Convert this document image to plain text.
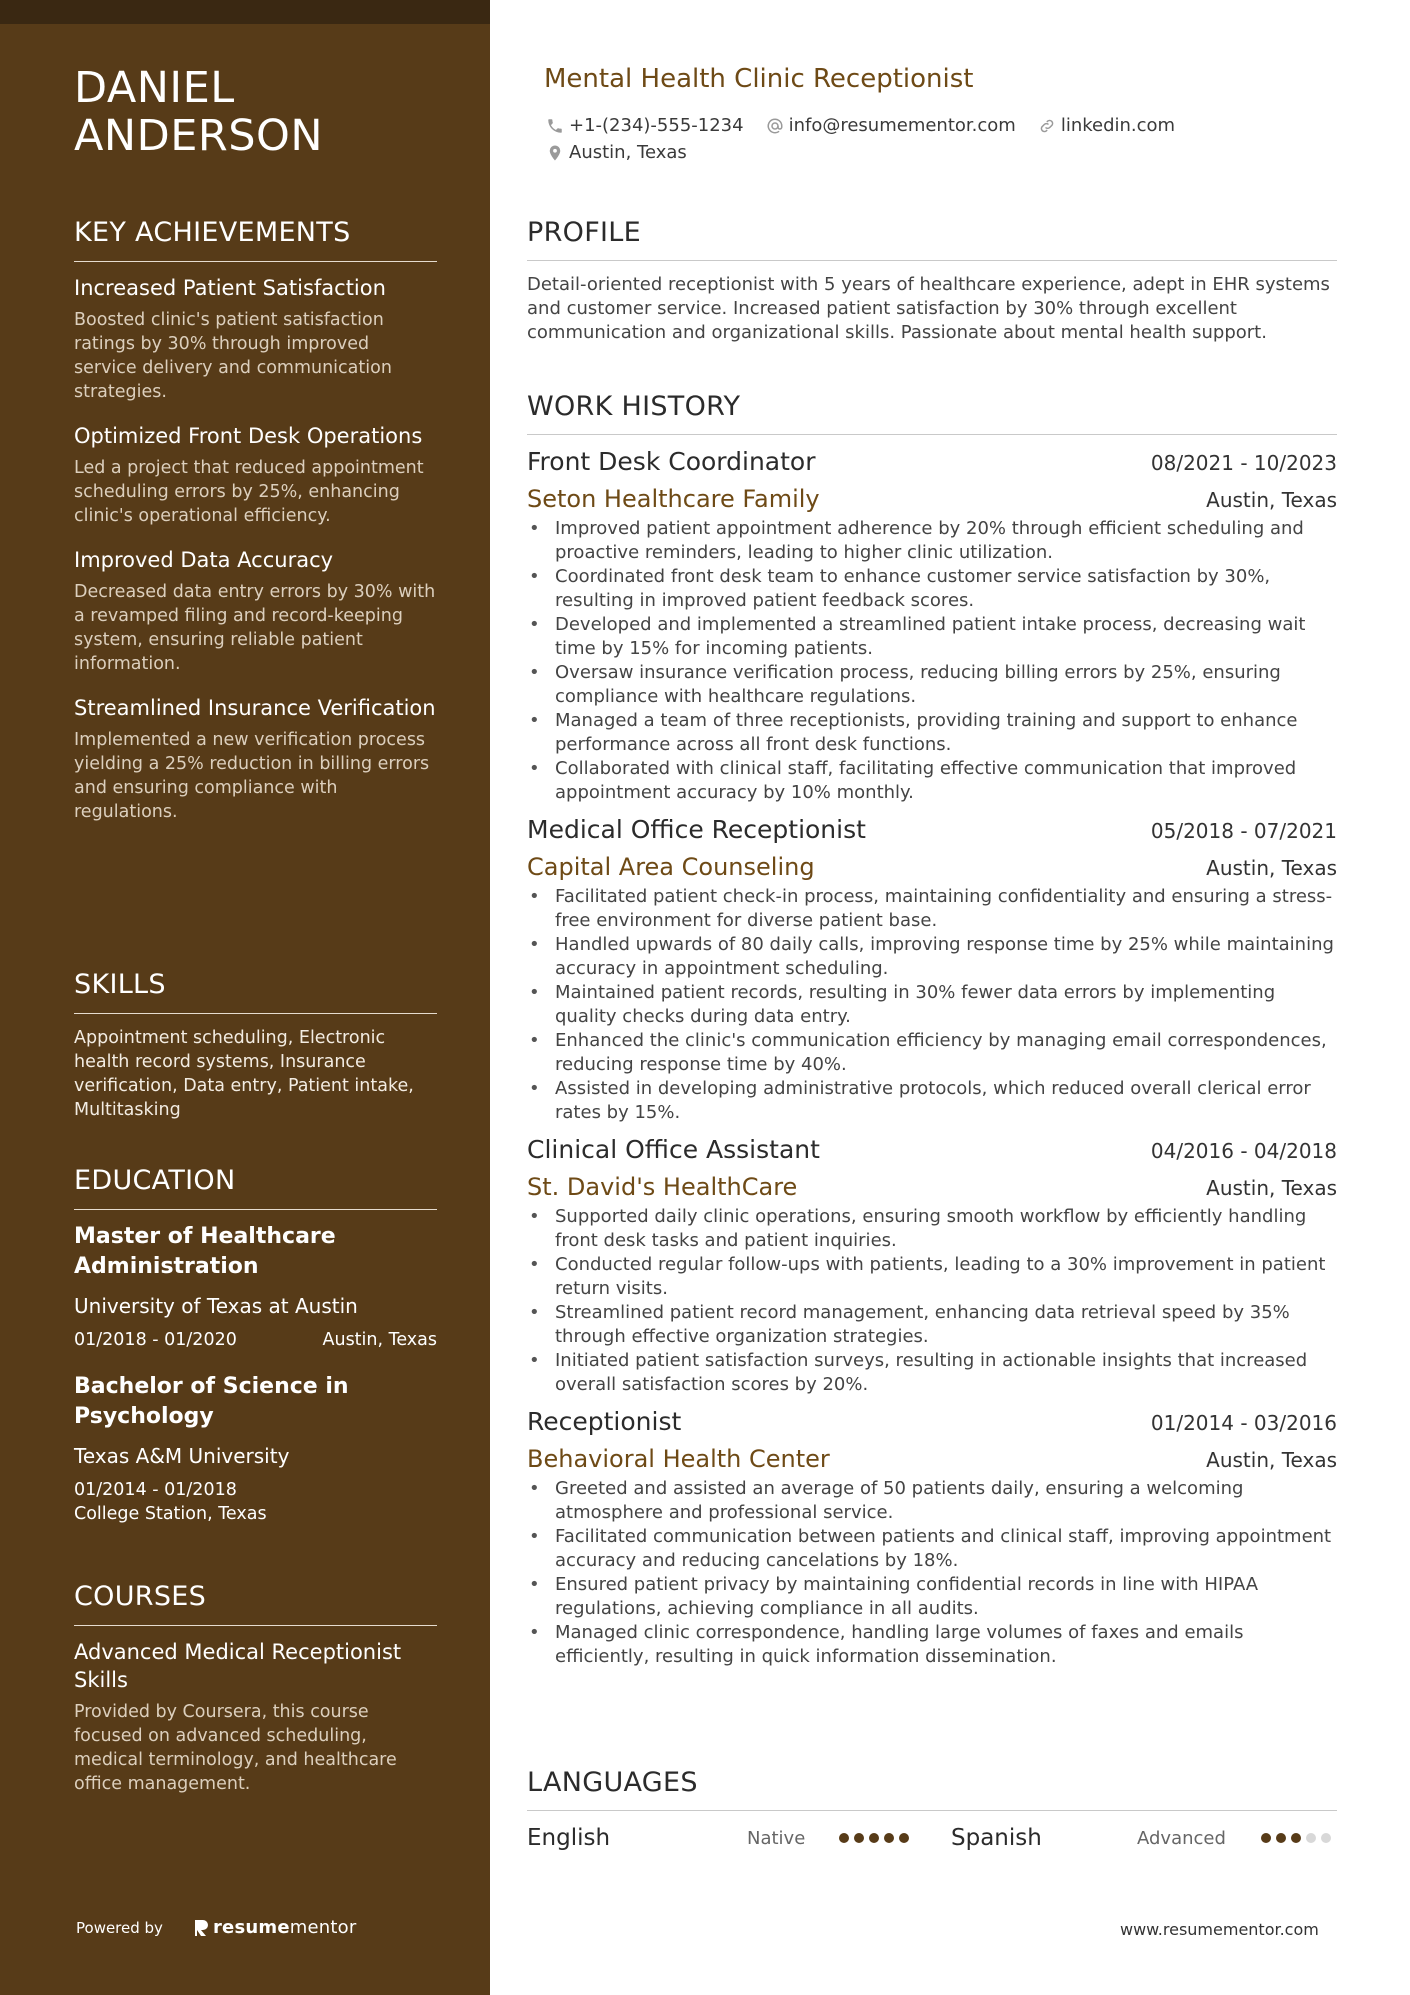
DANIEL
ANDERSON
KEY ACHIEVEMENTS
Increased Patient Satisfaction
Boosted clinic's patient satisfaction ratings by 30% through improved service delivery and communication strategies.
Optimized Front Desk Operations
Led a project that reduced appointment scheduling errors by 25%, enhancing clinic's operational efficiency.
Improved Data Accuracy
Decreased data entry errors by 30% with a revamped filing and record-keeping system, ensuring reliable patient information.
Streamlined Insurance Verification
Implemented a new verification process yielding a 25% reduction in billing errors and ensuring compliance with regulations.
SKILLS
Appointment scheduling, Electronic health record systems, Insurance verification, Data entry, Patient intake, Multitasking
EDUCATION
Master of Healthcare Administration
University of Texas at Austin
01/2018 - 01/2020	Austin, Texas
Bachelor of Science in Psychology
Texas A&M University
01/2014 - 01/2018
College Station, Texas
COURSES
Advanced Medical Receptionist Skills
Provided by Coursera, this course focused on advanced scheduling, medical terminology, and healthcare office management.
Powered by	resume mentor
Mental Health Clinic Receptionist
+1-(234)-555-1234	info@resumementor.com	linkedin.com
Austin, Texas
PROFILE
Detail-oriented receptionist with 5 years of healthcare experience, adept in EHR systems and customer service. Increased patient satisfaction by 30% through excellent communication and organizational skills. Passionate about mental health support.
WORK HISTORY
Front Desk Coordinator	08/2021 - 10/2023
Seton Healthcare Family	Austin, Texas
• Improved patient appointment adherence by 20% through efficient scheduling and proactive reminders, leading to higher clinic utilization.
• Coordinated front desk team to enhance customer service satisfaction by 30%, resulting in improved patient feedback scores.
• Developed and implemented a streamlined patient intake process, decreasing wait time by 15% for incoming patients.
• Oversaw insurance verification process, reducing billing errors by 25%, ensuring compliance with healthcare regulations.
• Managed a team of three receptionists, providing training and support to enhance performance across all front desk functions.
• Collaborated with clinical staff, facilitating effective communication that improved appointment accuracy by 10% monthly.
Medical Office Receptionist	05/2018 - 07/2021
Capital Area Counseling	Austin, Texas
• Facilitated patient check-in process, maintaining confidentiality and ensuring a stress-free environment for diverse patient base.
• Handled upwards of 80 daily calls, improving response time by 25% while maintaining accuracy in appointment scheduling.
• Maintained patient records, resulting in 30% fewer data errors by implementing quality checks during data entry.
• Enhanced the clinic's communication efficiency by managing email correspondences, reducing response time by 40%.
• Assisted in developing administrative protocols, which reduced overall clerical error rates by 15%.
Clinical Office Assistant	04/2016 - 04/2018
St. David's HealthCare	Austin, Texas
• Supported daily clinic operations, ensuring smooth workflow by efficiently handling front desk tasks and patient inquiries.
• Conducted regular follow-ups with patients, leading to a 30% improvement in patient return visits.
• Streamlined patient record management, enhancing data retrieval speed by 35% through effective organization strategies.
• Initiated patient satisfaction surveys, resulting in actionable insights that increased overall satisfaction scores by 20%.
Receptionist	01/2014 - 03/2016
Behavioral Health Center	Austin, Texas
• Greeted and assisted an average of 50 patients daily, ensuring a welcoming atmosphere and professional service.
• Facilitated communication between patients and clinical staff, improving appointment accuracy and reducing cancelations by 18%.
• Ensured patient privacy by maintaining confidential records in line with HIPAA regulations, achieving compliance in all audits.
• Managed clinic correspondence, handling large volumes of faxes and emails efficiently, resulting in quick information dissemination.
LANGUAGES
English	Native	Spanish	Advanced
www.resumementor.com
